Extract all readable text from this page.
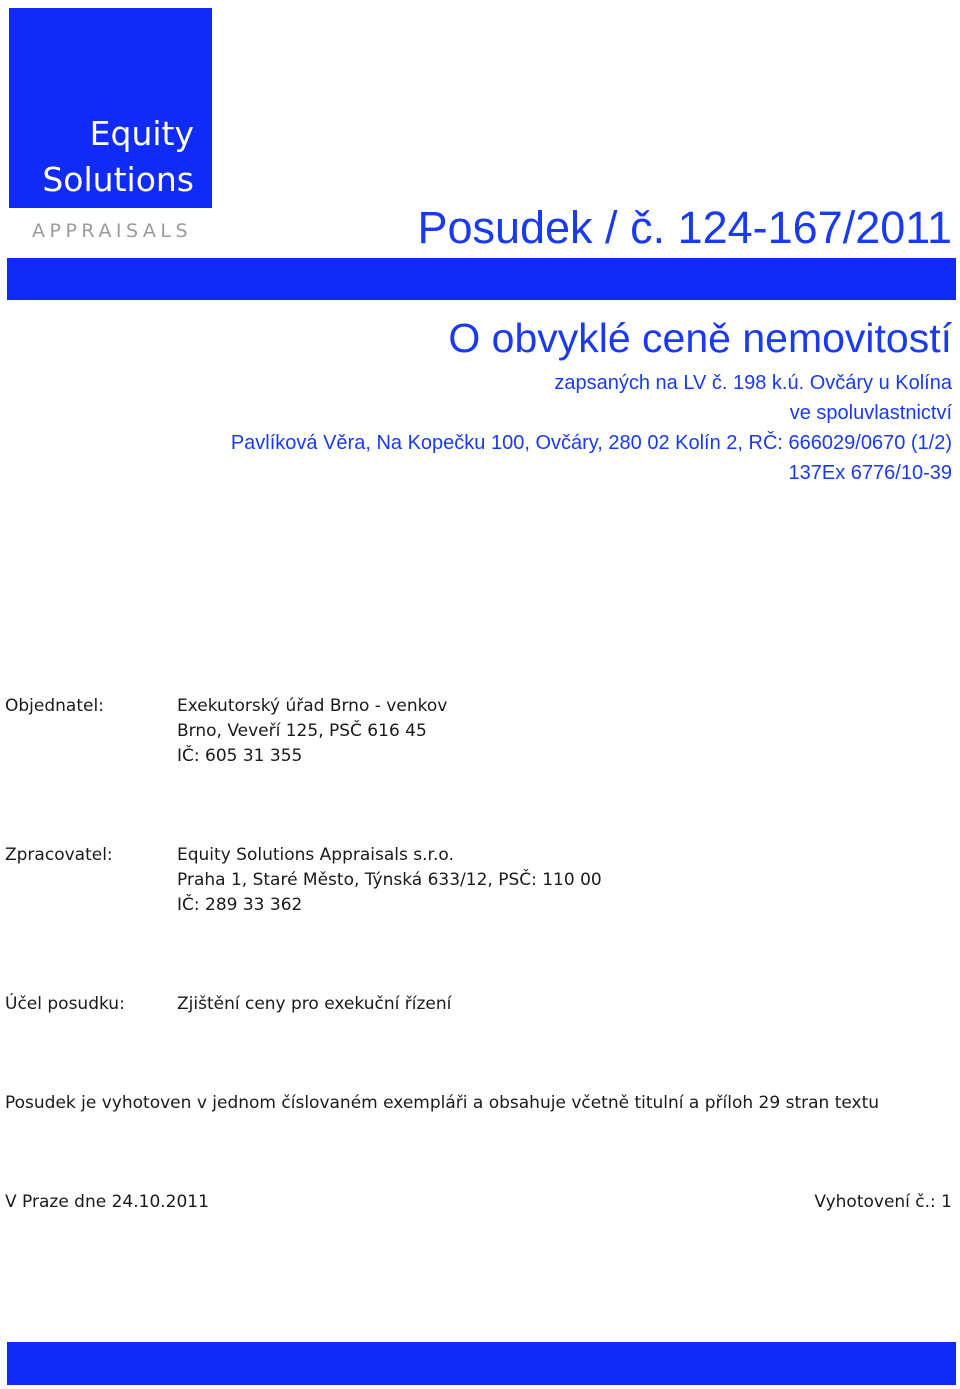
Equity
Solutions
APPRAISALS	Posudek / č. 124-167/2011
O obvyklé ceně nemovitostí
zapsaných na LV č. 198 k.ú. Ovčáry u Kolína
ve spoluvlastnictví
Pavlíková Věra, Na Kopečku 100, Ovčáry, 280 02 Kolín 2, RČ: 666029/0670 (1/2)
137Ex 6776/10-39
Objednatel:	Exekutorský úřad Brno - venkov
Brno, Veveří 125, PSČ 616 45
IČ: 605 31 355
Zpracovatel:	Equity Solutions Appraisals s.r.o.
Praha 1, Staré Město, Týnská 633/12, PSČ: 110 00
IČ: 289 33 362
Účel posudku:	Zjištění ceny pro exekuční řízení
Posudek je vyhotoven v jednom číslovaném exempláři a obsahuje včetně titulní a příloh 29 stran textu
V Praze dne 24.10.2011	Vyhotovení č.: 1
